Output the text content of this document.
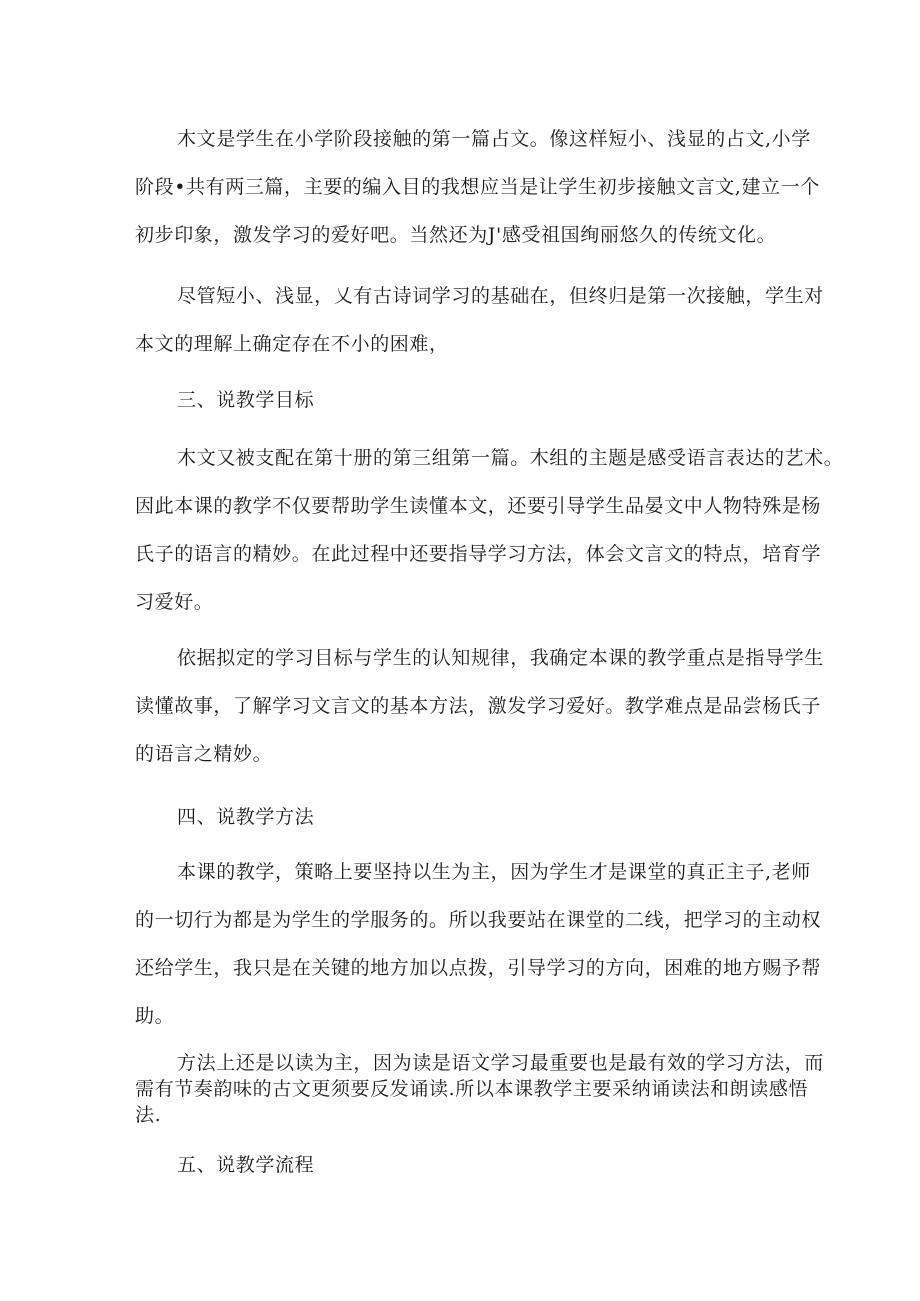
木文是学生在小学阶段接触的第一篇占文。像这样短小、浅显的占文,小学
阶段•共有两三篇，主要的编入目的我想应当是让学生初步接触文言文,建立一个
初步印象，激发学习的爱好吧。当然还为J'感受祖国绚丽悠久的传统文化。
尽管短小、浅显，乂有古诗词学习的基础在，但终归是第一次接触，学生对
本文的理解上确定存在不小的困难，
三、说教学目标
木文又被支配在第十册的第三组第一篇。木组的主题是感受语言表达的艺术。
因此本课的教学不仅要帮助学生读懂本文，还要引导学生品晏文中人物特殊是杨
氏子的语言的精妙。在此过程中还要指导学习方法，体会文言文的特点，培育学
习爱好。
依据拟定的学习目标与学生的认知规律，我确定本课的教学重点是指导学生
读懂故事，了解学习文言文的基本方法，激发学习爱好。教学难点是品尝杨氏子
的语言之精妙。
四、说教学方法
本课的教学，策略上要坚持以生为主，因为学生才是课堂的真正主子,老师
的一切行为都是为学生的学服务的。所以我要站在课堂的二线，把学习的主动权
还给学生，我只是在关键的地方加以点拨，引导学习的方向，困难的地方赐予帮
助。
方法上还是以读为主，因为读是语文学习最重要也是最有效的学习方法，而
需有节奏韵味的古文更须要反发诵读.所以本课教学主要采纳诵读法和朗读感悟
法.
五、说教学流程
